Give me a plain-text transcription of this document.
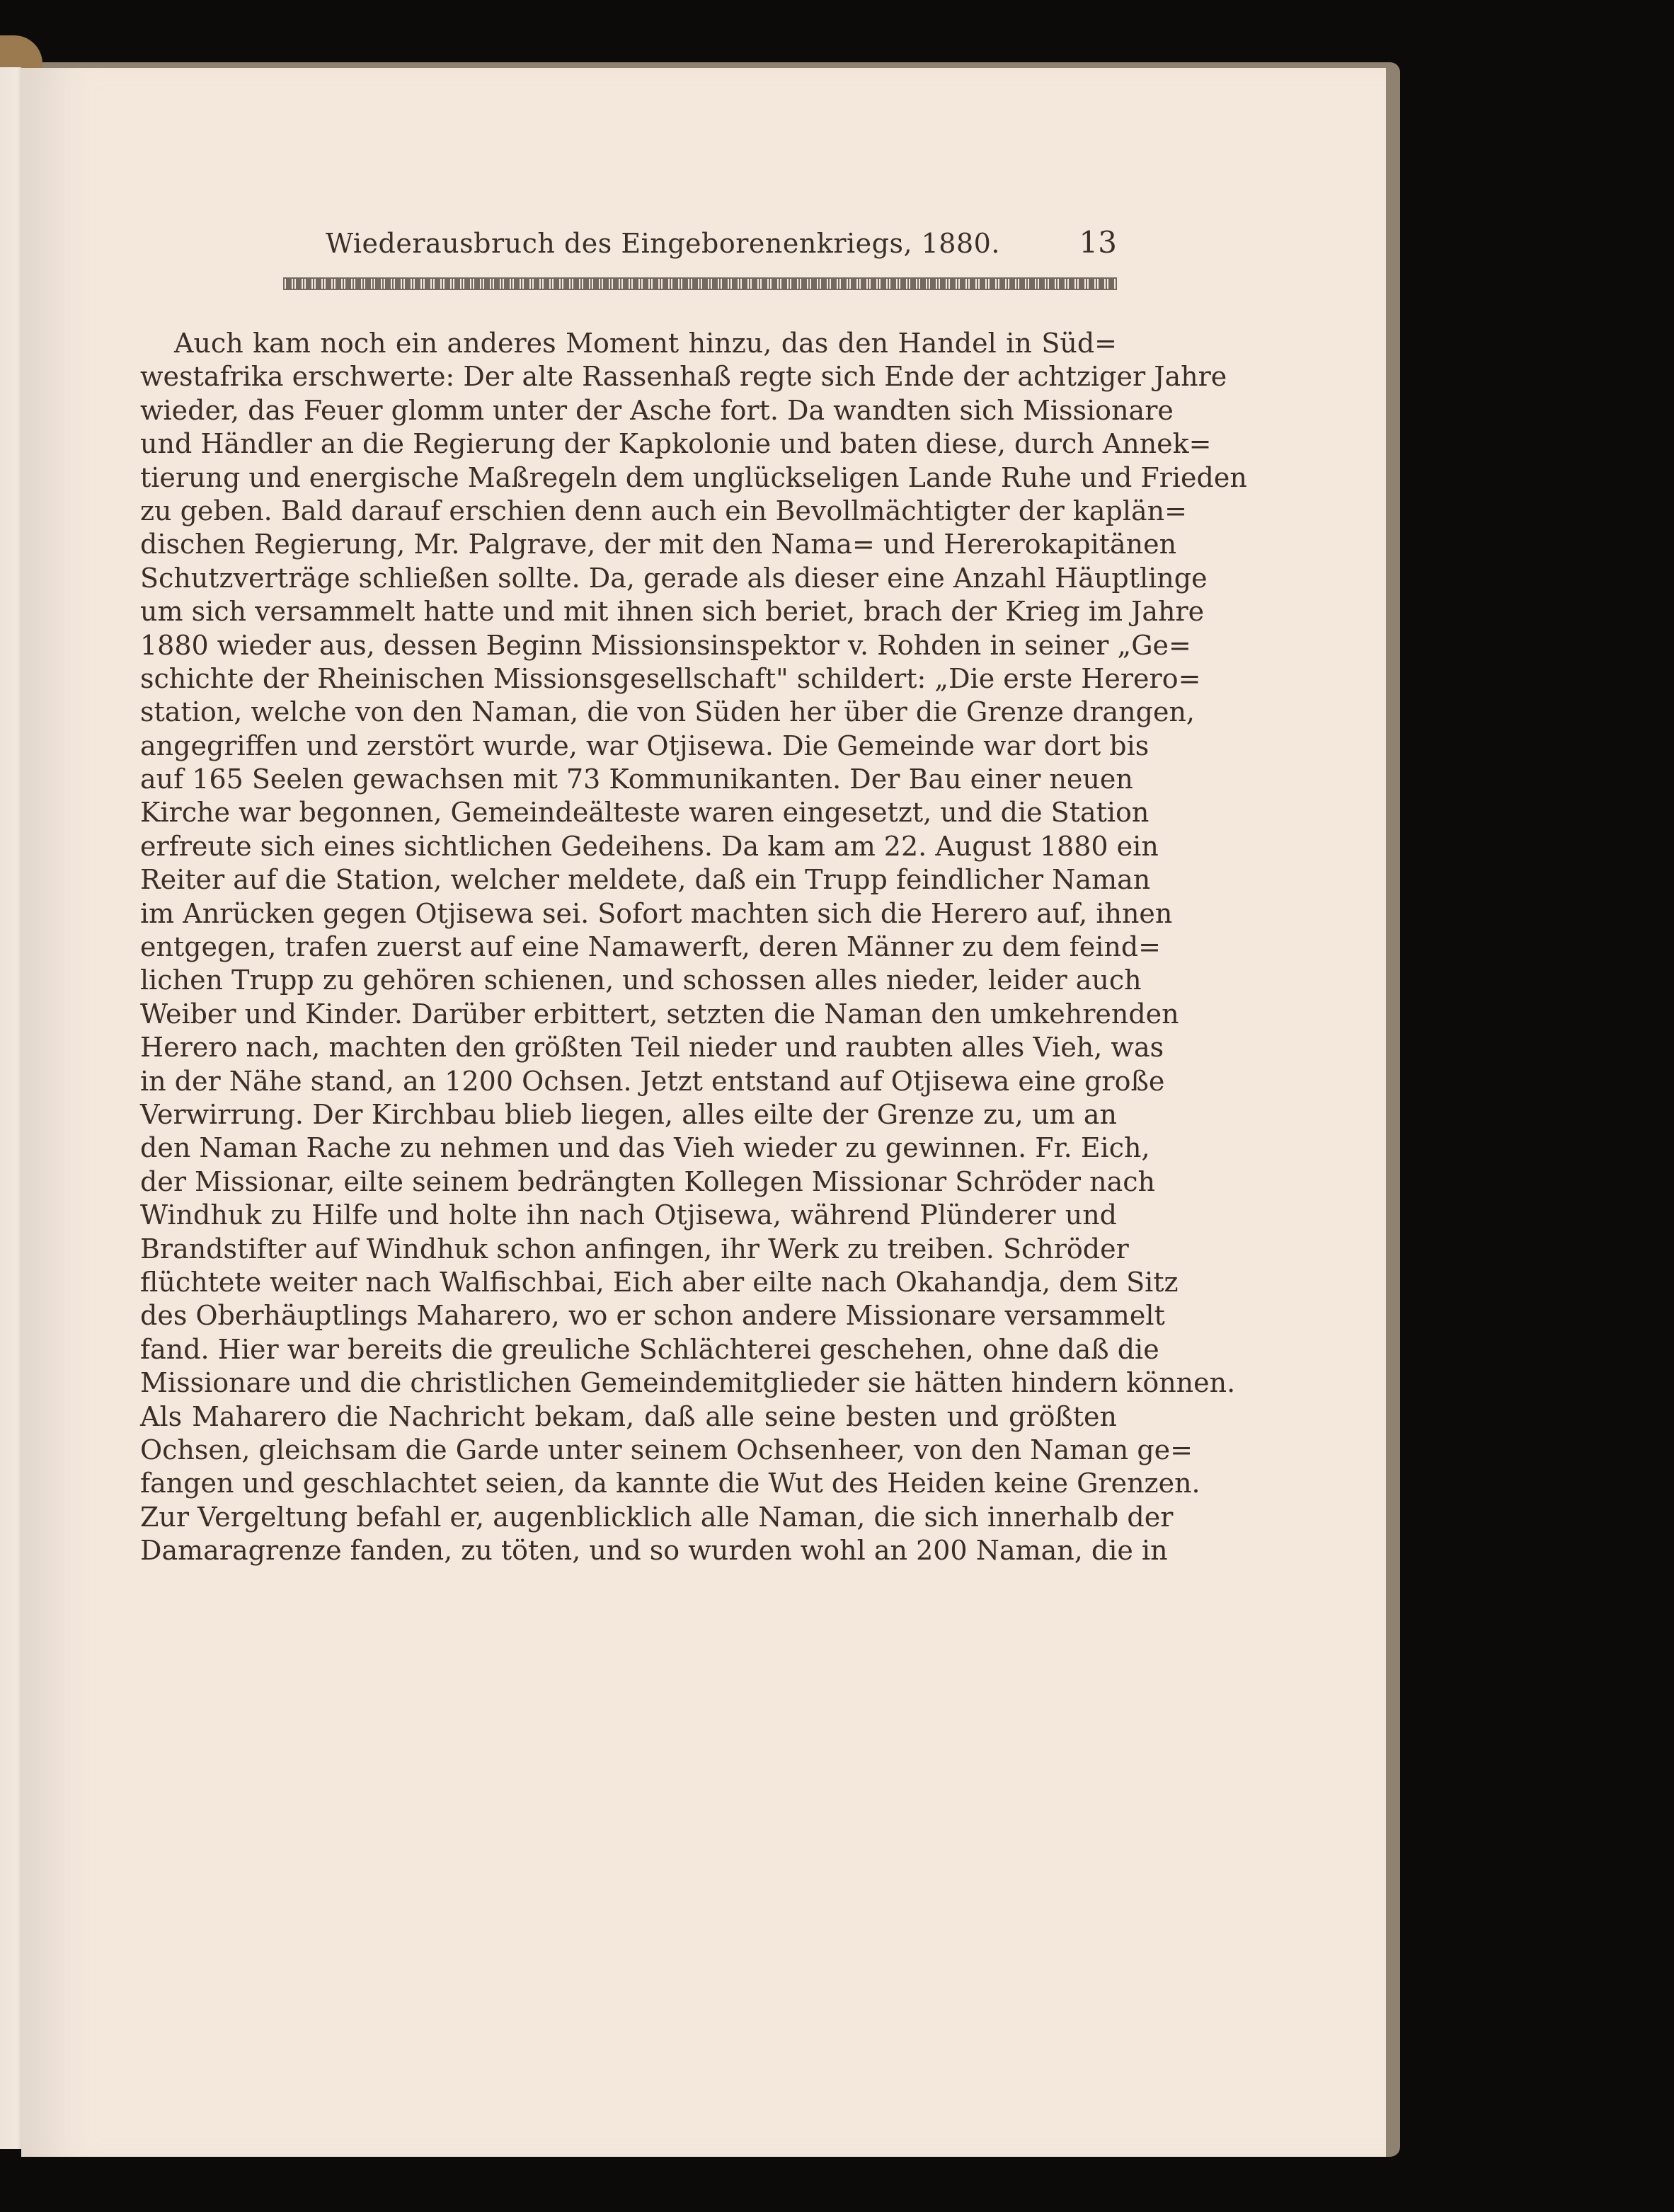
Wiederausbruch des Eingeborenenkriegs, 1880.	13
Auch kam noch ein anderes Moment hinzu, das den Handel in Süd=
westafrika erschwerte: Der alte Rassenhaß regte sich Ende der achtziger Jahre
wieder, das Feuer glomm unter der Asche fort. Da wandten sich Missionare
und Händler an die Regierung der Kapkolonie und baten diese, durch Annek=
tierung und energische Maßregeln dem unglückseligen Lande Ruhe und Frieden
zu geben. Bald darauf erschien denn auch ein Bevollmächtigter der kaplän=
dischen Regierung, Mr. Palgrave, der mit den Nama= und Hererokapitänen
Schutzverträge schließen sollte. Da, gerade als dieser eine Anzahl Häuptlinge
um sich versammelt hatte und mit ihnen sich beriet, brach der Krieg im Jahre
1880 wieder aus, dessen Beginn Missionsinspektor v. Rohden in seiner „Ge=
schichte der Rheinischen Missionsgesellschaft" schildert: „Die erste Herero=
station, welche von den Naman, die von Süden her über die Grenze drangen,
angegriffen und zerstört wurde, war Otjisewa. Die Gemeinde war dort bis
auf 165 Seelen gewachsen mit 73 Kommunikanten. Der Bau einer neuen
Kirche war begonnen, Gemeindeälteste waren eingesetzt, und die Station
erfreute sich eines sichtlichen Gedeihens. Da kam am 22. August 1880 ein
Reiter auf die Station, welcher meldete, daß ein Trupp feindlicher Naman
im Anrücken gegen Otjisewa sei. Sofort machten sich die Herero auf, ihnen
entgegen, trafen zuerst auf eine Namawerft, deren Männer zu dem feind=
lichen Trupp zu gehören schienen, und schossen alles nieder, leider auch
Weiber und Kinder. Darüber erbittert, setzten die Naman den umkehrenden
Herero nach, machten den größten Teil nieder und raubten alles Vieh, was
in der Nähe stand, an 1200 Ochsen. Jetzt entstand auf Otjisewa eine große
Verwirrung. Der Kirchbau blieb liegen, alles eilte der Grenze zu, um an
den Naman Rache zu nehmen und das Vieh wieder zu gewinnen. Fr. Eich,
der Missionar, eilte seinem bedrängten Kollegen Missionar Schröder nach
Windhuk zu Hilfe und holte ihn nach Otjisewa, während Plünderer und
Brandstifter auf Windhuk schon anfingen, ihr Werk zu treiben. Schröder
flüchtete weiter nach Walfischbai, Eich aber eilte nach Okahandja, dem Sitz
des Oberhäuptlings Maharero, wo er schon andere Missionare versammelt
fand. Hier war bereits die greuliche Schlächterei geschehen, ohne daß die
Missionare und die christlichen Gemeindemitglieder sie hätten hindern können.
Als Maharero die Nachricht bekam, daß alle seine besten und größten
Ochsen, gleichsam die Garde unter seinem Ochsenheer, von den Naman ge=
fangen und geschlachtet seien, da kannte die Wut des Heiden keine Grenzen.
Zur Vergeltung befahl er, augenblicklich alle Naman, die sich innerhalb der
Damaragrenze fanden, zu töten, und so wurden wohl an 200 Naman, die in
